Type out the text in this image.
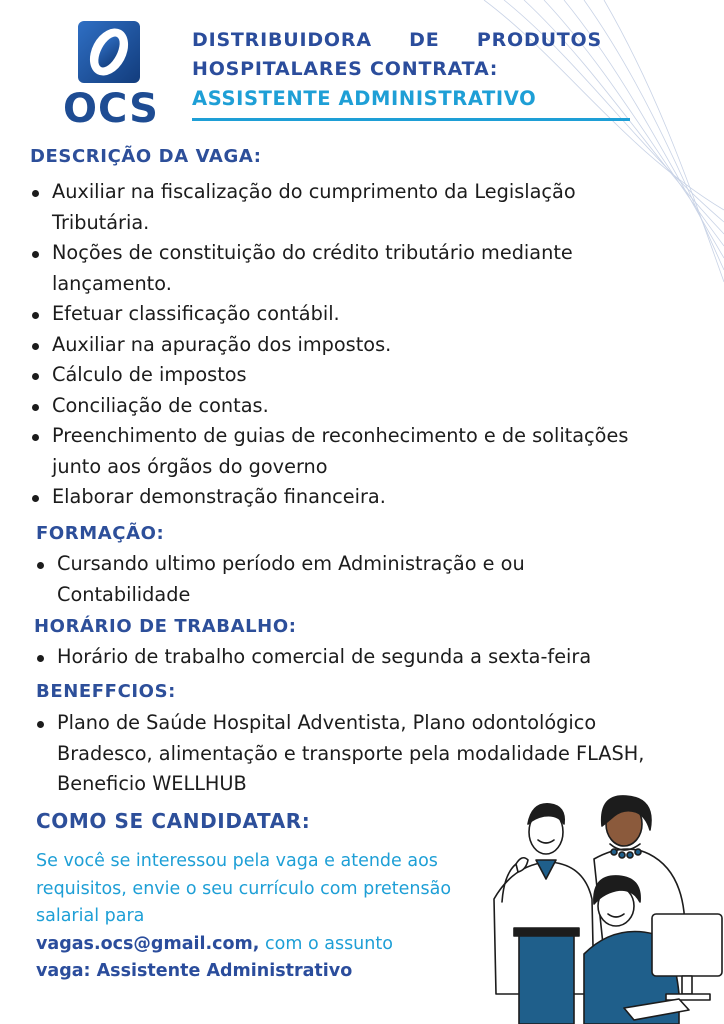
OCS
DISTRIBUIDORA DE PRODUTOS
HOSPITALARES CONTRATA:
ASSISTENTE ADMINISTRATIVO
DESCRIÇÃO DA VAGA:
Auxiliar na fiscalização do cumprimento da Legislação Tributária.
Noções de constituição do crédito tributário mediante lançamento.
Efetuar classificação contábil.
Auxiliar na apuração dos impostos.
Cálculo de impostos
Conciliação de contas.
Preenchimento de guias de reconhecimento e de solitações junto aos órgãos do governo
Elaborar demonstração financeira.
FORMAÇÃO:
Cursando ultimo período em Administração e ou Contabilidade
HORÁRIO DE TRABALHO:
Horário de trabalho comercial de segunda a sexta-feira
BENEFFCIOS:
Plano de Saúde Hospital Adventista, Plano odontológico Bradesco, alimentação e transporte pela modalidade FLASH, Beneficio WELLHUB
COMO SE CANDIDATAR:
Se você se interessou pela vaga e atende aos requisitos, envie o seu currículo com pretensão salarial para
vagas.ocs@gmail.com, com o assunto
vaga: Assistente Administrativo
